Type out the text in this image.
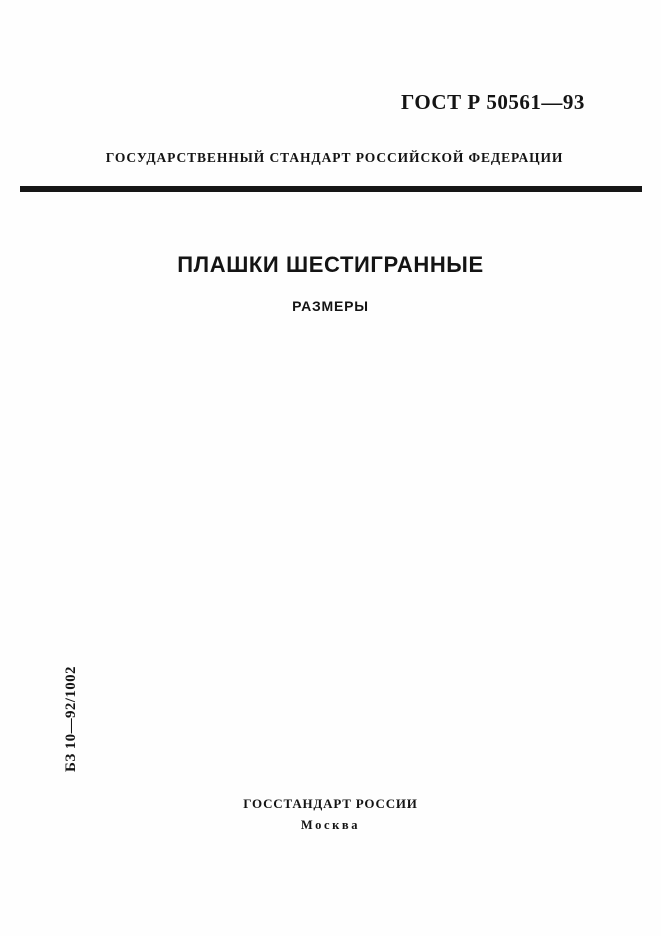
ГОСТ Р 50561—93
ГОСУДАРСТВЕННЫЙ СТАНДАРТ РОССИЙСКОЙ ФЕДЕРАЦИИ
ПЛАШКИ ШЕСТИГРАННЫЕ
РАЗМЕРЫ
БЗ 10—92/1002
ГОССТАНДАРТ РОССИИ
Москва
